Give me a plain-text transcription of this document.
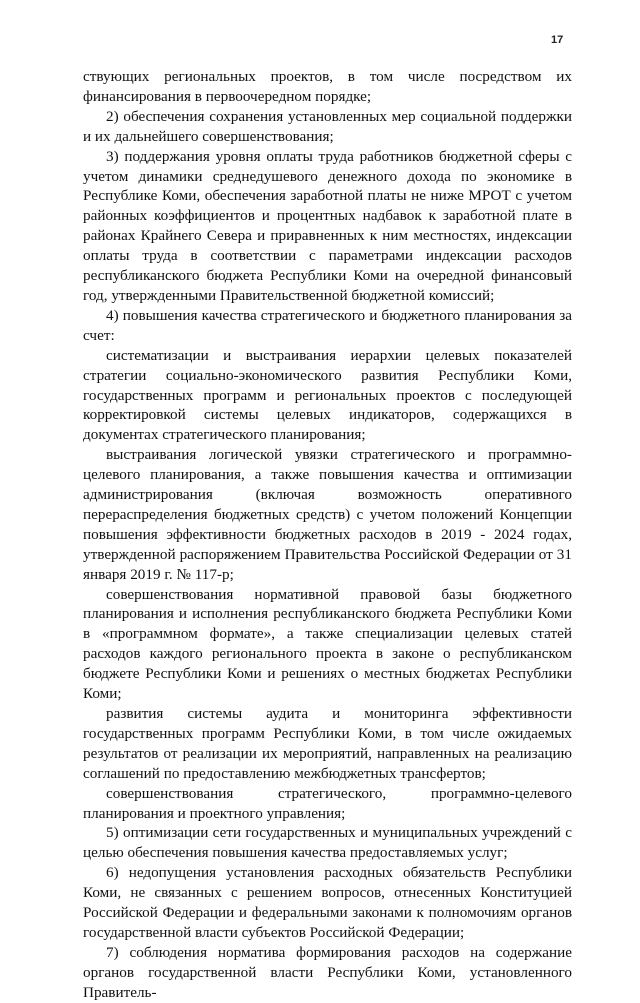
17

ствующих региональных проектов, в том числе посредством их финансирования в первоочередном порядке;

2) обеспечения сохранения установленных мер социальной поддержки и их дальнейшего совершенствования;

3) поддержания уровня оплаты труда работников бюджетной сферы с учетом динамики среднедушевого денежного дохода по экономике в Республике Коми, обеспечения заработной платы не ниже МРОТ с учетом районных коэффициентов и процентных надбавок к заработной плате в районах Крайнего Севера и приравненных к ним местностях, индексации оплаты труда в соответствии с параметрами индексации расходов республиканского бюджета Республики Коми на очередной финансовый год, утвержденными Правительственной бюджетной комиссий;

4) повышения качества стратегического и бюджетного планирования за счет:

систематизации и выстраивания иерархии целевых показателей стратегии социально-экономического развития Республики Коми, государственных программ и региональных проектов с последующей корректировкой системы целевых индикаторов, содержащихся в документах стратегического планирования;

выстраивания логической увязки стратегического и программно-целевого планирования, а также повышения качества и оптимизации администрирования (включая возможность оперативного перераспределения бюджетных средств) с учетом положений Концепции повышения эффективности бюджетных расходов в 2019 - 2024 годах, утвержденной распоряжением Правительства Российской Федерации от 31 января 2019 г. № 117-р;

совершенствования нормативной правовой базы бюджетного планирования и исполнения республиканского бюджета Республики Коми в «программном формате», а также специализации целевых статей расходов каждого регионального проекта в законе о республиканском бюджете Республики Коми и решениях о местных бюджетах Республики Коми;

развития системы аудита и мониторинга эффективности государственных программ Республики Коми, в том числе ожидаемых результатов от реализации их мероприятий, направленных на реализацию соглашений по предоставлению межбюджетных трансфертов;

совершенствования стратегического, программно-целевого планирования и проектного управления;

5) оптимизации сети государственных и муниципальных учреждений с целью обеспечения повышения качества предоставляемых услуг;

6) недопущения установления расходных обязательств Республики Коми, не связанных с решением вопросов, отнесенных Конституцией Российской Федерации и федеральными законами к полномочиям органов государственной власти субъектов Российской Федерации;

7) соблюдения норматива формирования расходов на содержание органов государственной власти Республики Коми, установленного Правитель-
